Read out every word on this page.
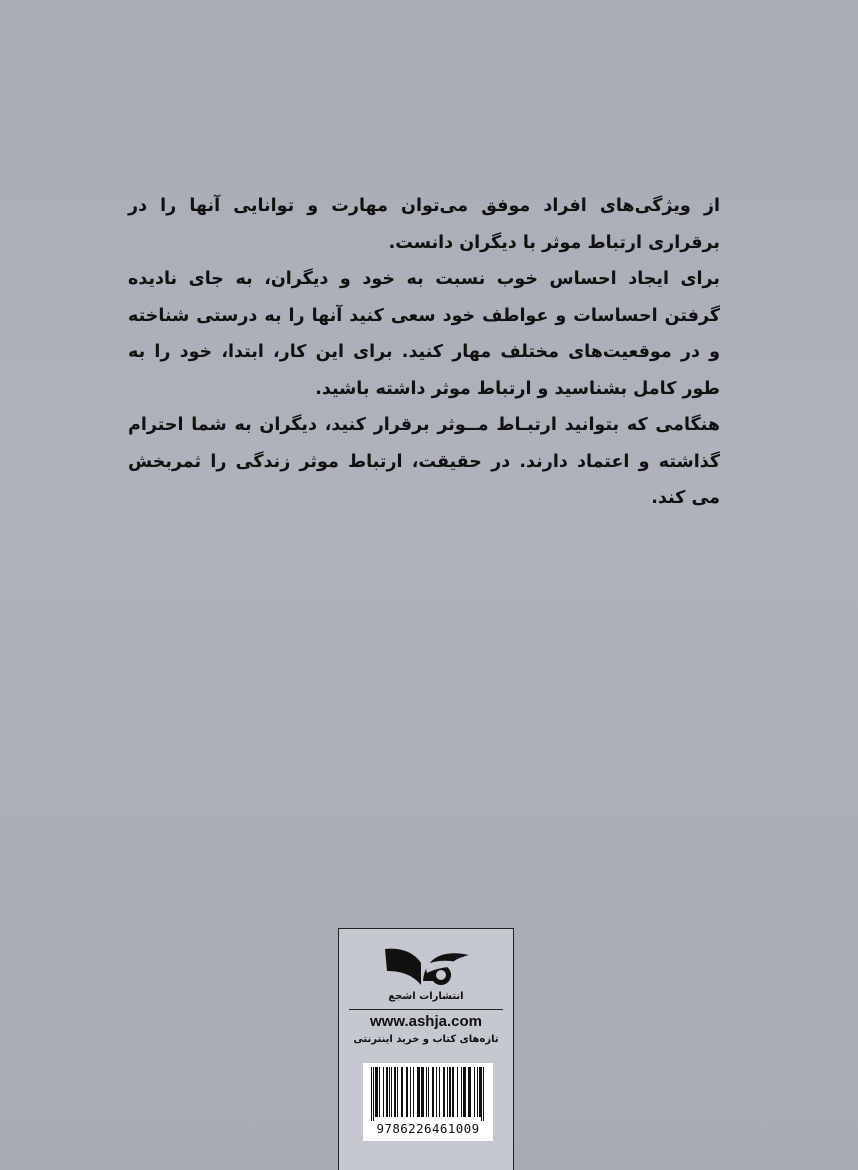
از ویژگی‌های افراد موفق می‌توان مهارت و توانایی آنها را در برقراری ارتباط موثر با دیگران دانست.

برای ایجاد احساس خوب نسبت به خود و دیگران، به جای نادیده گرفتن احساسات و عواطف خود سعی کنید آنها را به درستی شناخته و در موقعیت‌های مختلف مهار کنید. برای این کار، ابتدا، خود را به طور کامل بشناسید و ارتباط موثر داشته باشید.

هنگامی که بتوانید ارتبـاط مــوثر برقرار کنید، دیگران به شما احترام گذاشته و اعتماد دارند. در حقیقت، ارتباط موثر زندگی را ثمربخش می کند.

انتشارات اشجع
www.ashja.com
تازه‌های کتاب و خرید اینترنتی
9786226461009
